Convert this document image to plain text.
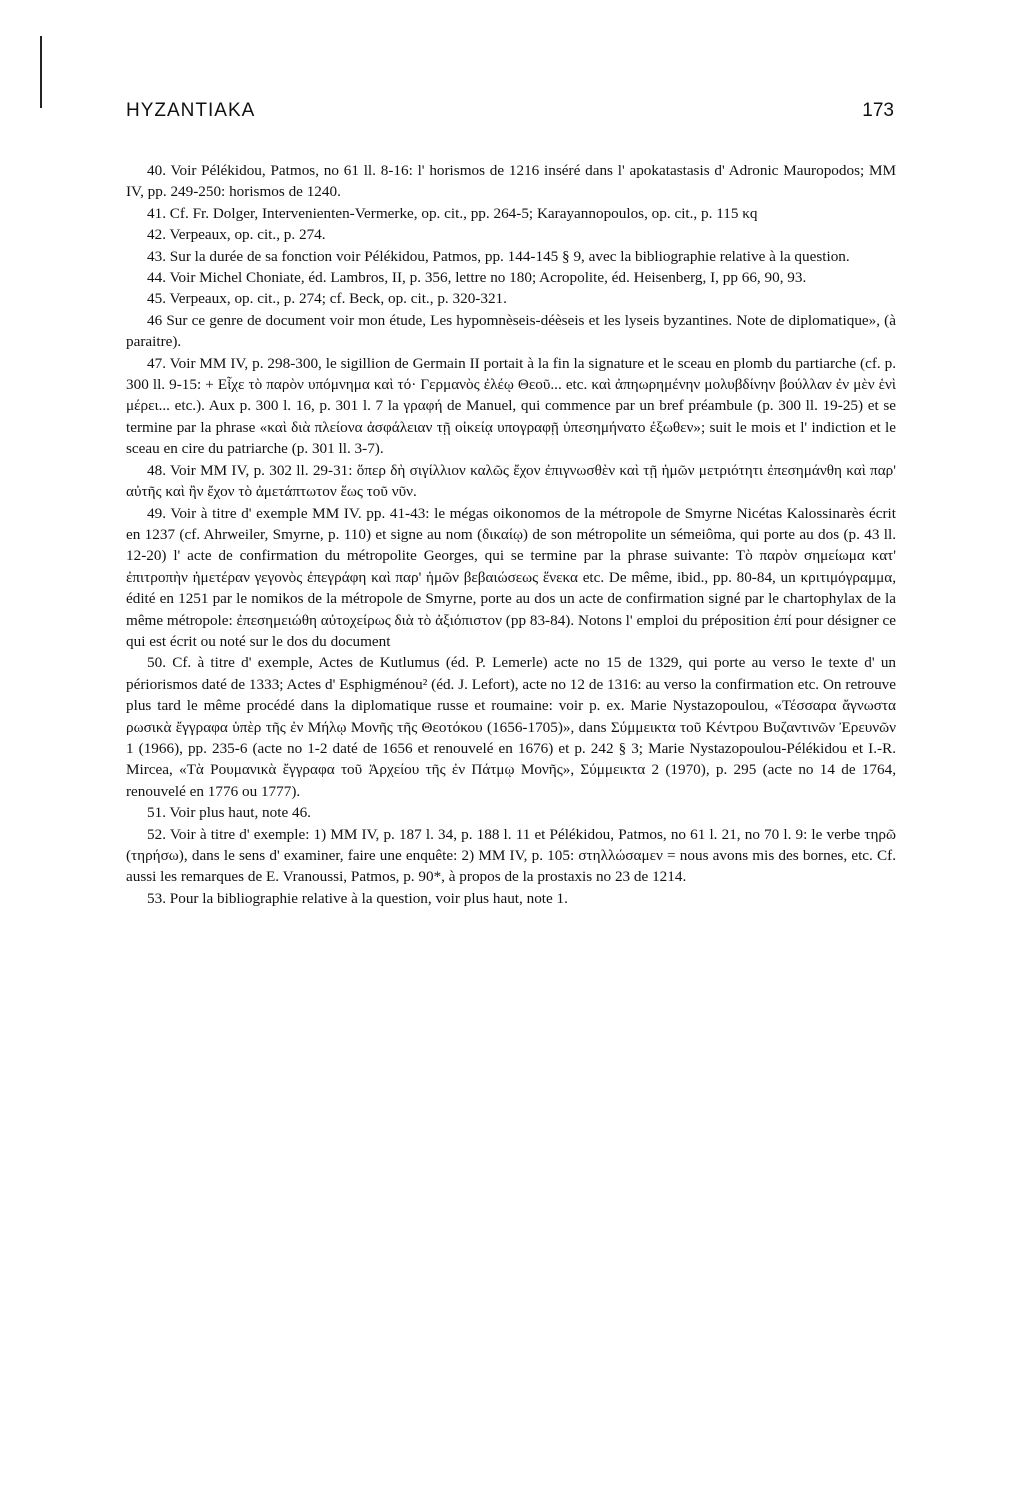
ΗΥΖΑΝΤΙΑΚΑ	173

40. Voir Pélékidou, Patmos, no 61 ll. 8-16: l' horismos de 1216 inséré dans l' apokatastasis d' Adronic Mauropodos; MM IV, pp. 249-250: horismos de 1240.

41. Cf. Fr. Dolger, Intervenienten-Vermerke, op. cit., pp. 264-5; Karayannopoulos, op. cit., p. 115 κq

42. Verpeaux, op. cit., p. 274.

43. Sur la durée de sa fonction voir Pélékidou, Patmos, pp. 144-145 § 9, avec la bibliographie relative à la question.

44. Voir Michel Choniate, éd. Lambros, II, p. 356, lettre no 180; Acropolite, éd. Heisenberg, I, pp 66, 90, 93.

45. Verpeaux, op. cit., p. 274; cf. Beck, op. cit., p. 320-321.

46 Sur ce genre de document voir mon étude, Les hypomnèseis-déèseis et les lyseis byzantines. Note de diplomatique», (à paraitre).

47. Voir MM IV, p. 298-300, le sigillion de Germain II portait à la fin la signature et le sceau en plomb du partiarche (cf. p. 300 ll. 9-15: + Εἶχε τὸ παρὸν υπόμνημα καὶ τό· Γερμανὸς ἐλέῳ Θεοῦ... etc. καὶ ἀπηωρημένην μολυβδίνην βούλλαν ἐν μὲν ἑνὶ μέρει... etc.). Aux p. 300 l. 16, p. 301 l. 7 la γραφή de Manuel, qui commence par un bref préambule (p. 300 ll. 19-25) et se termine par la phrase «καὶ διὰ πλείονα ἀσφάλειαν τῇ οἰκείᾳ υπογραφῇ ὑπεσημήνατο ἐξωθεν»; suit le mois et l' indiction et le sceau en cire du patriarche (p. 301 ll. 3-7).

48. Voir MM IV, p. 302 ll. 29-31: ὅπερ δὴ σιγίλλιον καλῶς ἔχον ἐπιγνωσθὲν καὶ τῇ ἡμῶν μετριότητι ἐπεσημάνθη καὶ παρ' αὐτῆς καὶ ἢν ἔχον τὸ ἀμετάπτωτον ἕως τοῦ νῦν.

49. Voir à titre d' exemple MM IV. pp. 41-43: le mégas oikonomos de la métropole de Smyrne Nicétas Kalossinarès écrit en 1237 (cf. Ahrweiler, Smyrne, p. 110) et signe au nom (δικαίῳ) de son métropolite un sémeiôma, qui porte au dos (p. 43 ll. 12-20) l' acte de confirmation du métropolite Georges, qui se termine par la phrase suivante: Τὸ παρὸν σημείωμα κατ' ἐπιτροπὴν ἡμετέραν γεγονὸς ἐπεγράφη καὶ παρ' ἡμῶν βεβαιώσεως ἕνεκα etc. De même, ibid., pp. 80-84, un κριτιμόγραμμα, édité en 1251 par le nomikos de la métropole de Smyrne, porte au dos un acte de confirmation signé par le chartophylax de la même métropole: ἐπεσημειώθη αὐτοχείρως διὰ τὸ ἀξιόπιστον (pp 83-84). Notons l' emploi du préposition ἐπί pour désigner ce qui est écrit ou noté sur le dos du document

50. Cf. à titre d' exemple, Actes de Kutlumus (éd. P. Lemerle) acte no 15 de 1329, qui porte au verso le texte d' un périorismos daté de 1333; Actes d' Esphigménou² (éd. J. Lefort), acte no 12 de 1316: au verso la confirmation etc. On retrouve plus tard le même procédé dans la diplomatique russe et roumaine: voir p. ex. Marie Nystazopoulou, «Τέσσαρα ἄγνωστα ρωσικὰ ἔγγραφα ὑπὲρ τῆς ἐν Μήλῳ Μονῆς τῆς Θεοτόκου (1656-1705)», dans Σύμμεικτα τοῦ Κέντρου Βυζαντινῶν Ἐρευνῶν 1 (1966), pp. 235-6 (acte no 1-2 daté de 1656 et renouvelé en 1676) et p. 242 § 3; Marie Nystazopoulou-Pélékidou et I.-R. Mircea, «Τὰ Ρουμανικὰ ἔγγραφα τοῦ Ἀρχείου τῆς ἐν Πάτμῳ Μονῆς», Σύμμεικτα 2 (1970), p. 295 (acte no 14 de 1764, renouvelé en 1776 ou 1777).

51. Voir plus haut, note 46.

52. Voir à titre d' exemple: 1) MM IV, p. 187 l. 34, p. 188 l. 11 et Pélékidou, Patmos, no 61 l. 21, no 70 l. 9: le verbe τηρῶ (τηρήσω), dans le sens d' examiner, faire une enquête: 2) MM IV, p. 105: στηλλώσαμεν = nous avons mis des bornes, etc. Cf. aussi les remarques de E. Vranoussi, Patmos, p. 90*, à propos de la prostaxis no 23 de 1214.

53. Pour la bibliographie relative à la question, voir plus haut, note 1.
